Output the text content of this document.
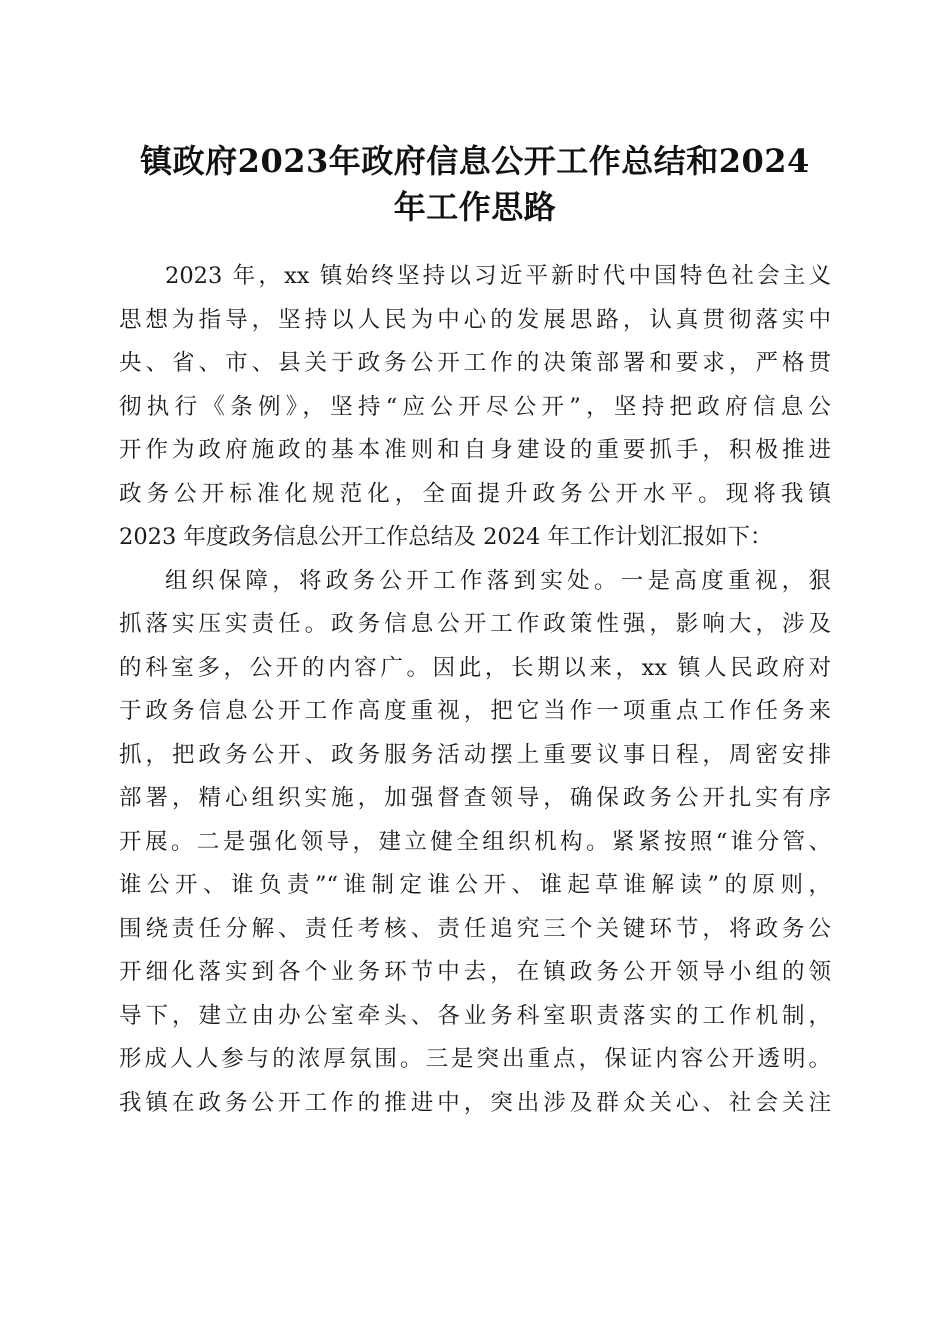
镇政府2023年政府信息公开工作总结和2024
年工作思路
2023 年，xx 镇始终坚持以习近平新时代中国特色社会主义
思想为指导，坚持以人民为中心的发展思路，认真贯彻落实中
央、省、市、县关于政务公开工作的决策部署和要求，严格贯
彻执行《条例》，坚持“应公开尽公开”，坚持把政府信息公
开作为政府施政的基本准则和自身建设的重要抓手，积极推进
政务公开标准化规范化，全面提升政务公开水平。现将我镇
2023 年度政务信息公开工作总结及 2024 年工作计划汇报如下：
组织保障，将政务公开工作落到实处。一是高度重视，狠
抓落实压实责任。政务信息公开工作政策性强，影响大，涉及
的科室多，公开的内容广。因此，长期以来，xx 镇人民政府对
于政务信息公开工作高度重视，把它当作一项重点工作任务来
抓，把政务公开、政务服务活动摆上重要议事日程，周密安排
部署，精心组织实施，加强督查领导，确保政务公开扎实有序
开展。二是强化领导，建立健全组织机构。紧紧按照“谁分管、
谁公开、谁负责”“谁制定谁公开、谁起草谁解读”的原则，
围绕责任分解、责任考核、责任追究三个关键环节，将政务公
开细化落实到各个业务环节中去，在镇政务公开领导小组的领
导下，建立由办公室牵头、各业务科室职责落实的工作机制，
形成人人参与的浓厚氛围。三是突出重点，保证内容公开透明。
我镇在政务公开工作的推进中，突出涉及群众关心、社会关注
